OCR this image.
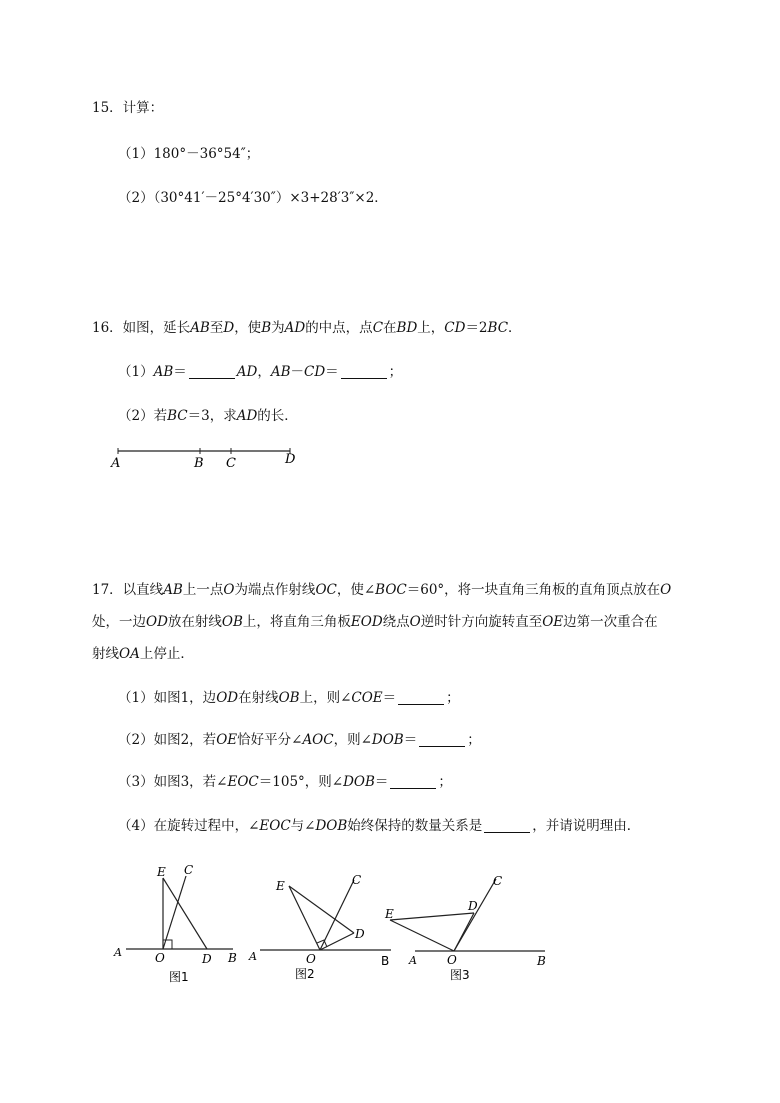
15．计算：
（1）180°－36°54″；
（2）（30°41′－25°4′30″）×3+28′3″×2．
16．如图，延长AB至D，使B为AD的中点，点C在BD上，CD＝2BC．
（1）AB＝	AD，AB－CD＝	；
（2）若BC＝3，求AD的长．
A	B C	D
17．以直线AB上一点O为端点作射线OC，使∠BOC＝60°，将一块直角三角板的直角顶点放在O
处，一边OD放在射线OB上，将直角三角板EOD绕点O逆时针方向旋转直至OE边第一次重合在
射线OA上停止．
（1）如图1，边OD在射线OB上，则∠COE＝	；
（2）如图2，若OE恰好平分∠AOC，则∠DOB＝	；
（3）如图3，若∠EOC＝105°，则∠DOB＝	；
（4）在旋转过程中，∠EOC与∠DOB始终保持的数量关系是	，并请说明理由．
E C
A	O	D B
图1
E	C
D
A	O	B
图2
E
D
C
A	O	B
图3
